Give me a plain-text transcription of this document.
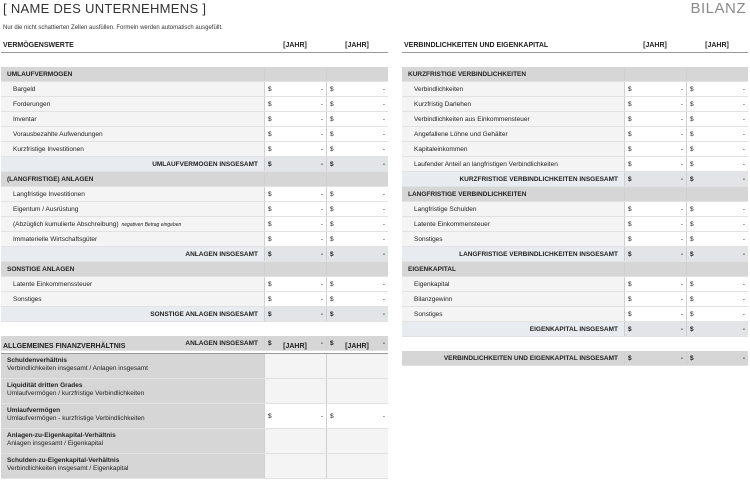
[ NAME DES UNTERNEHMENS ]	BILANZ
Nur die nicht schattierten Zellen ausfüllen. Formeln werden automatisch ausgefüllt.
VERMÖGENSWERTE	[JAHR]	[JAHR]
UMLAUFVERMÖGEN
Bargeld	$	- $	-
Forderungen	$	- $	-
Inventar	$	- $	-
Vorausbezahlte Aufwendungen	$	- $	-
Kurzfristige Investitionen	$	- $	-
UMLAUFVERMÖGEN INSGESAMT	$	- $	-
(LANGFRISTIGE) ANLAGEN
Langfristige Investitionen	$	- $	-
Eigentum / Ausrüstung	$	- $	-
(Abzüglich kumulierte Abschreibung) negativen Betrag eingeben	$	- $	-
Immaterielle Wirtschaftsgüter	$	- $	-
ANLAGEN INSGESAMT	$	- $	-
SONSTIGE ANLAGEN
Latente Einkommenssteuer	$	- $	-
Sonstiges	$	- $	-
SONSTIGE ANLAGEN INSGESAMT	$	- $	-
ANLAGEN INSGESAMT	$	- $	-
VERBINDLICHKEITEN UND EIGENKAPITAL	[JAHR]	[JAHR]
KURZFRISTIGE VERBINDLICHKEITEN
Verbindlichkeiten	$	- $	-
Kurzfristig Darlehen	$	- $	-
Verbindlichkeiten aus Einkommensteuer	$	- $	-
Angefallene Löhne und Gehälter	$	- $	-
Kapitaleinkommen	$	- $	-
Laufender Anteil an langfristigen Verbindlichkeiten	$	- $	-
KURZFRISTIGE VERBINDLICHKEITEN INSGESAMT	$	- $	-
LANGFRISTIGE VERBINDLICHKEITEN
Langfristige Schulden	$	- $	-
Latente Einkommensteuer	$	- $	-
Sonstiges	$	- $	-
LANGFRISTIGE VERBINDLICHKEITEN INSGESAMT	$	- $	-
EIGENKAPITAL
Eigenkapital	$	- $	-
Bilanzgewinn	$	- $	-
Sonstiges	$	- $	-
EIGENKAPITAL INSGESAMT	$	- $	-
VERBINDLICHKEITEN UND EIGENKAPITAL INSGESAMT	$	- $	-
ALLGEMEINES FINANZVERHÄLTNIS	[JAHR]	[JAHR]
Schuldenverhältnis
Verbindlichkeiten insgesamt / Anlagen insgesamt
Liquidität dritten Grades
Umlaufvermögen / kurzfristige Verbindlichkeiten
Umlaufvermögen
Umlaufvermögen - kurzfristige Verbindlichkeiten	$	- $	-
Anlagen-zu-Eigenkapital-Verhältnis
Anlagen insgesamt / Eigenkapital
Schulden-zu-Eigenkapital-Verhältnis
Verbindlichkeiten insgesamt / Eigenkapital
